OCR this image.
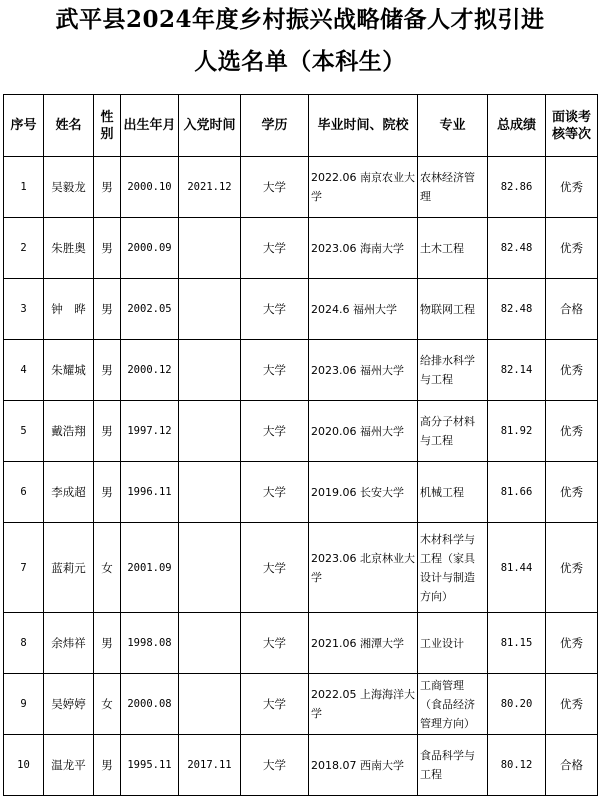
武平县2024年度乡村振兴战略储备人才拟引进
人选名单（本科生）
序号	姓名	性别	出生年月	入党时间	学历	毕业时间、院校	专业	总成绩	面谈考核等次
1	吴毅龙	男	2000.10	2021.12	大学	2022.06 南京农业大学	农林经济管理	82.86	优秀
2	朱胜奥	男	2000.09		大学	2023.06 海南大学	土木工程	82.48	优秀
3	钟　晔	男	2002.05		大学	2024.6 福州大学	物联网工程	82.48	合格
4	朱耀城	男	2000.12		大学	2023.06 福州大学	给排水科学与工程	82.14	优秀
5	戴浩翔	男	1997.12		大学	2020.06 福州大学	高分子材料与工程	81.92	优秀
6	李成超	男	1996.11		大学	2019.06 长安大学	机械工程	81.66	优秀
7	蓝莉元	女	2001.09		大学	2023.06 北京林业大学	木材科学与工程（家具设计与制造方向）	81.44	优秀
8	余炜祥	男	1998.08		大学	2021.06 湘潭大学	工业设计	81.15	优秀
9	吴婷婷	女	2000.08		大学	2022.05 上海海洋大学	工商管理（食品经济管理方向）	80.20	优秀
10	温龙平	男	1995.11	2017.11	大学	2018.07 西南大学	食品科学与工程	80.12	合格
